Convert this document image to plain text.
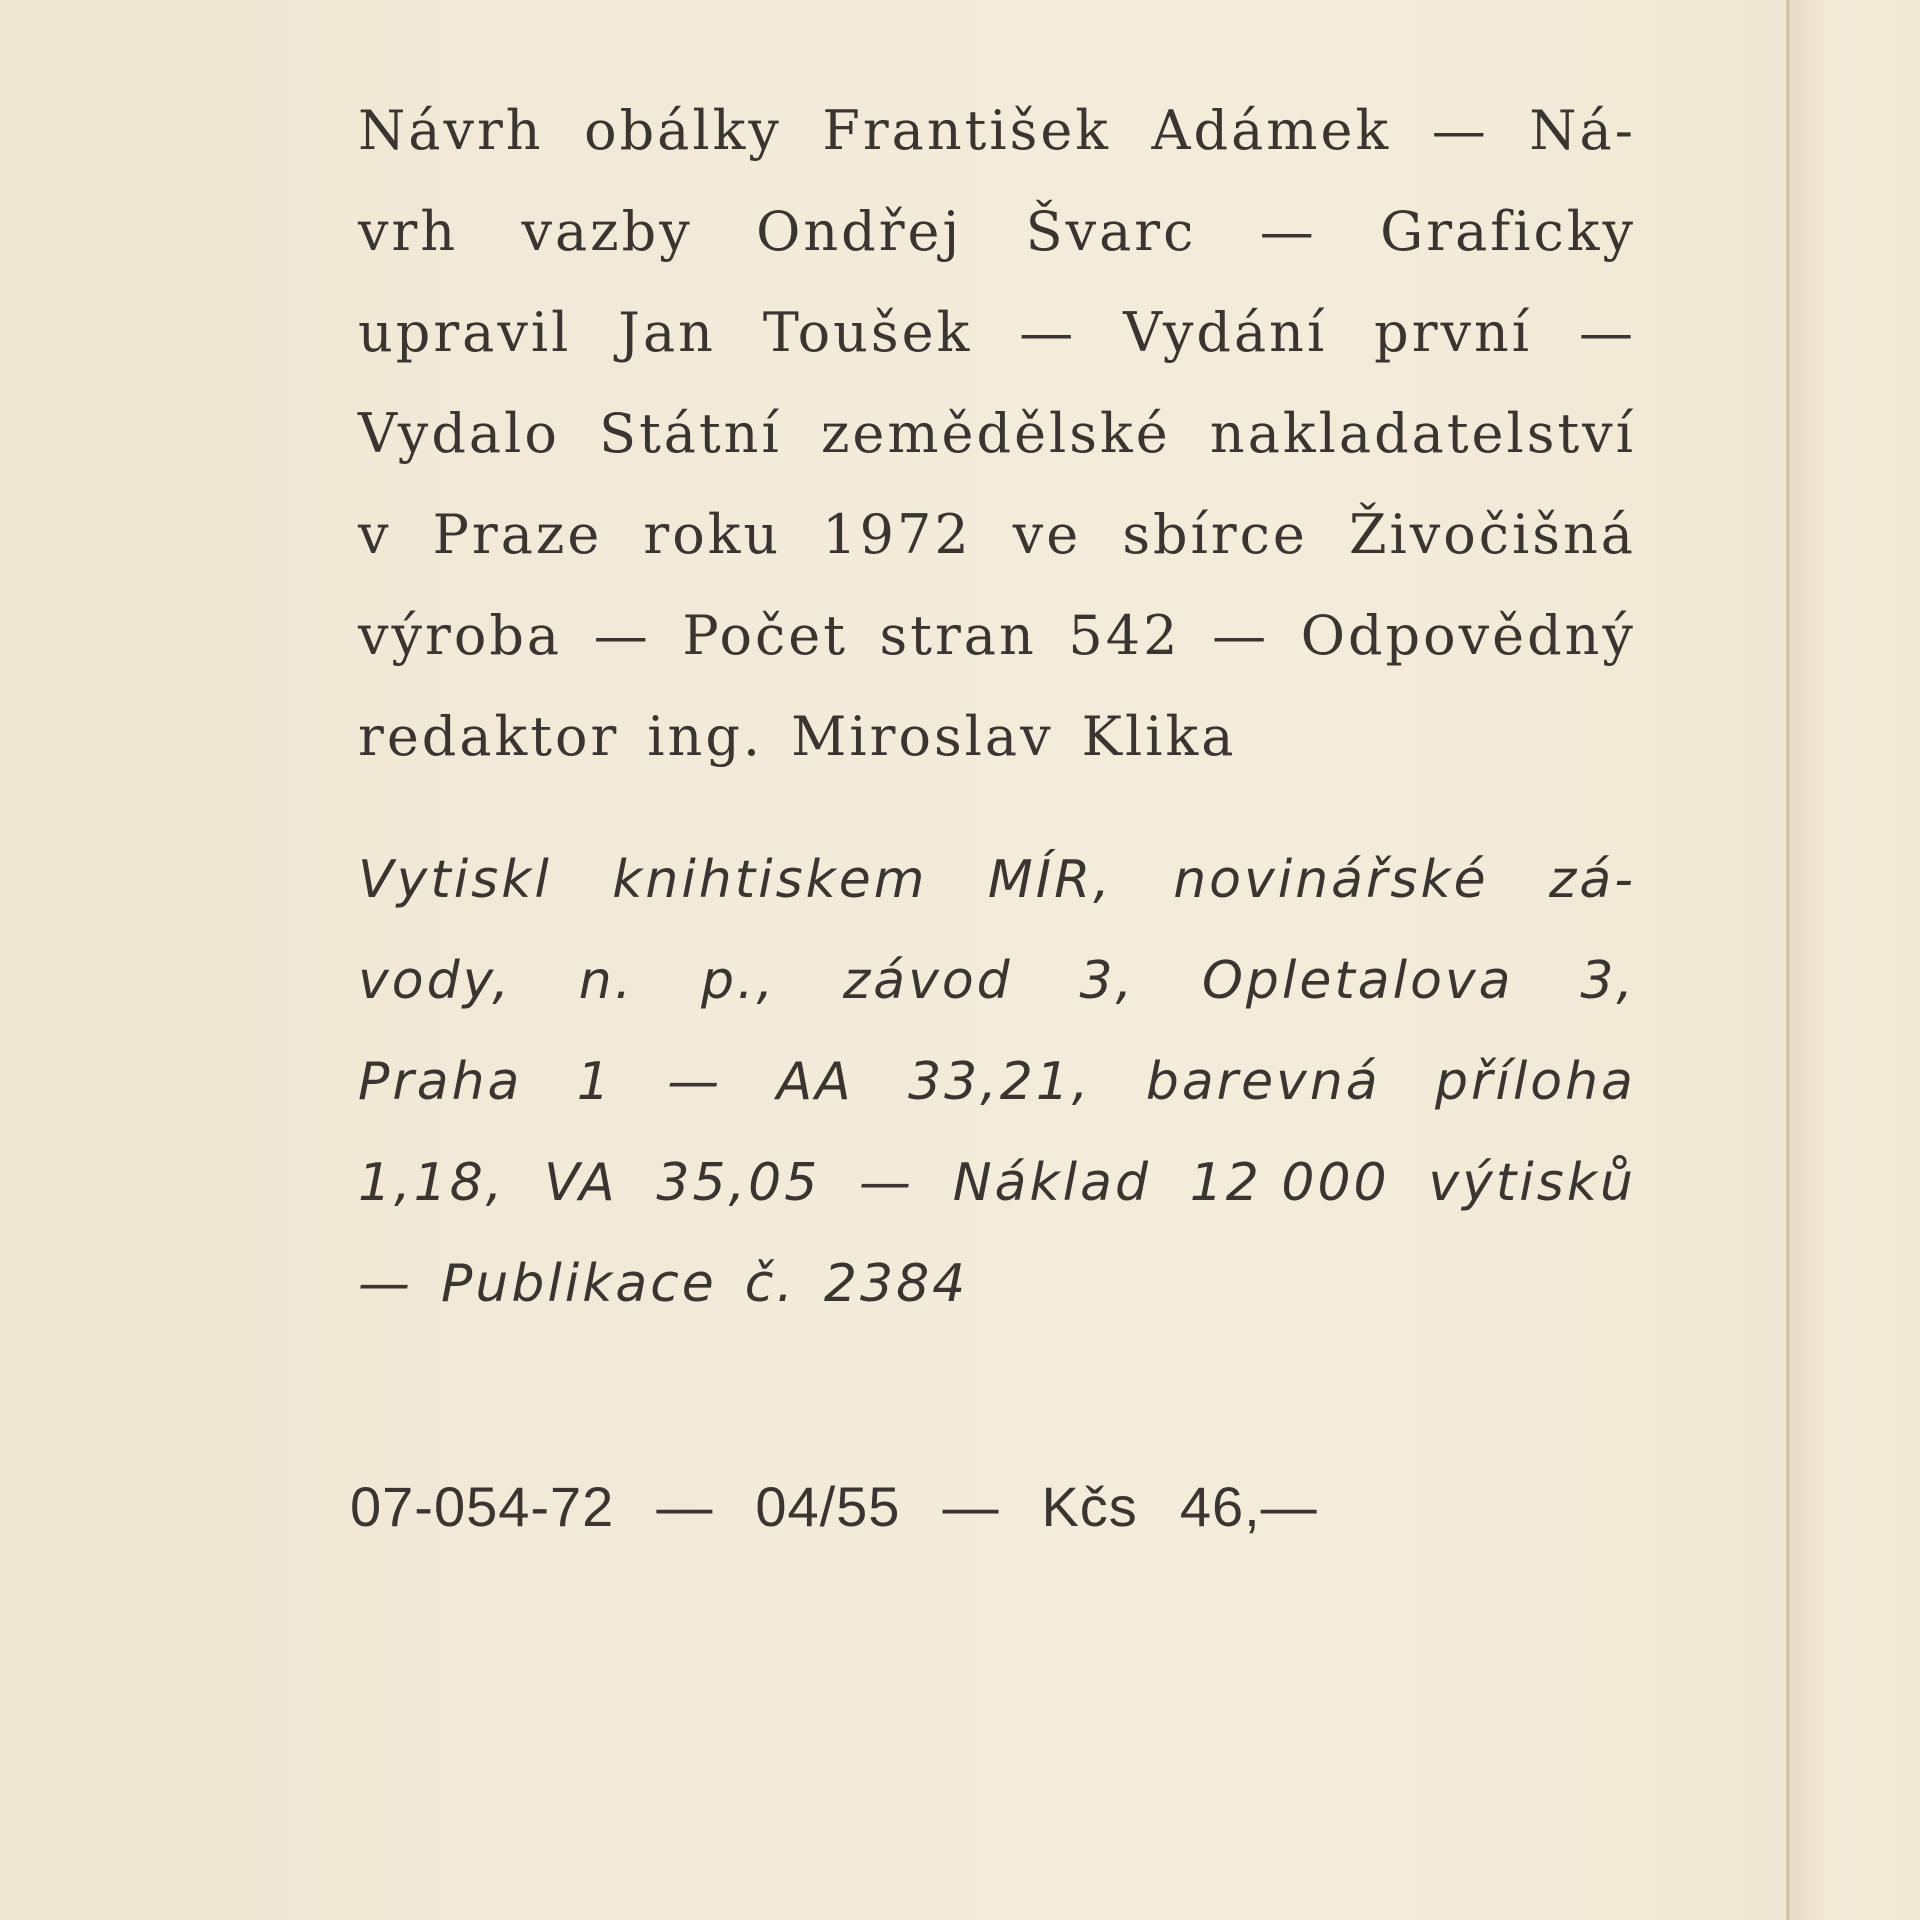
Návrh obálky František Adámek — Ná-
vrh vazby Ondřej Švarc — Graficky
upravil Jan Toušek — Vydání první —
Vydalo Státní zemědělské nakladatelství
v Praze roku 1972 ve sbírce Živočišná
výroba — Počet stran 542 — Odpovědný
redaktor ing. Miroslav Klika
Vytiskl knihtiskem MÍR, novinářské zá-
vody, n. p., závod 3, Opletalova 3,
Praha 1 — AA 33,21, barevná příloha
1,18, VA 35,05 — Náklad 12 000 výtisků
— Publikace č. 2384
07-054-72 — 04/55 — Kčs 46,—
